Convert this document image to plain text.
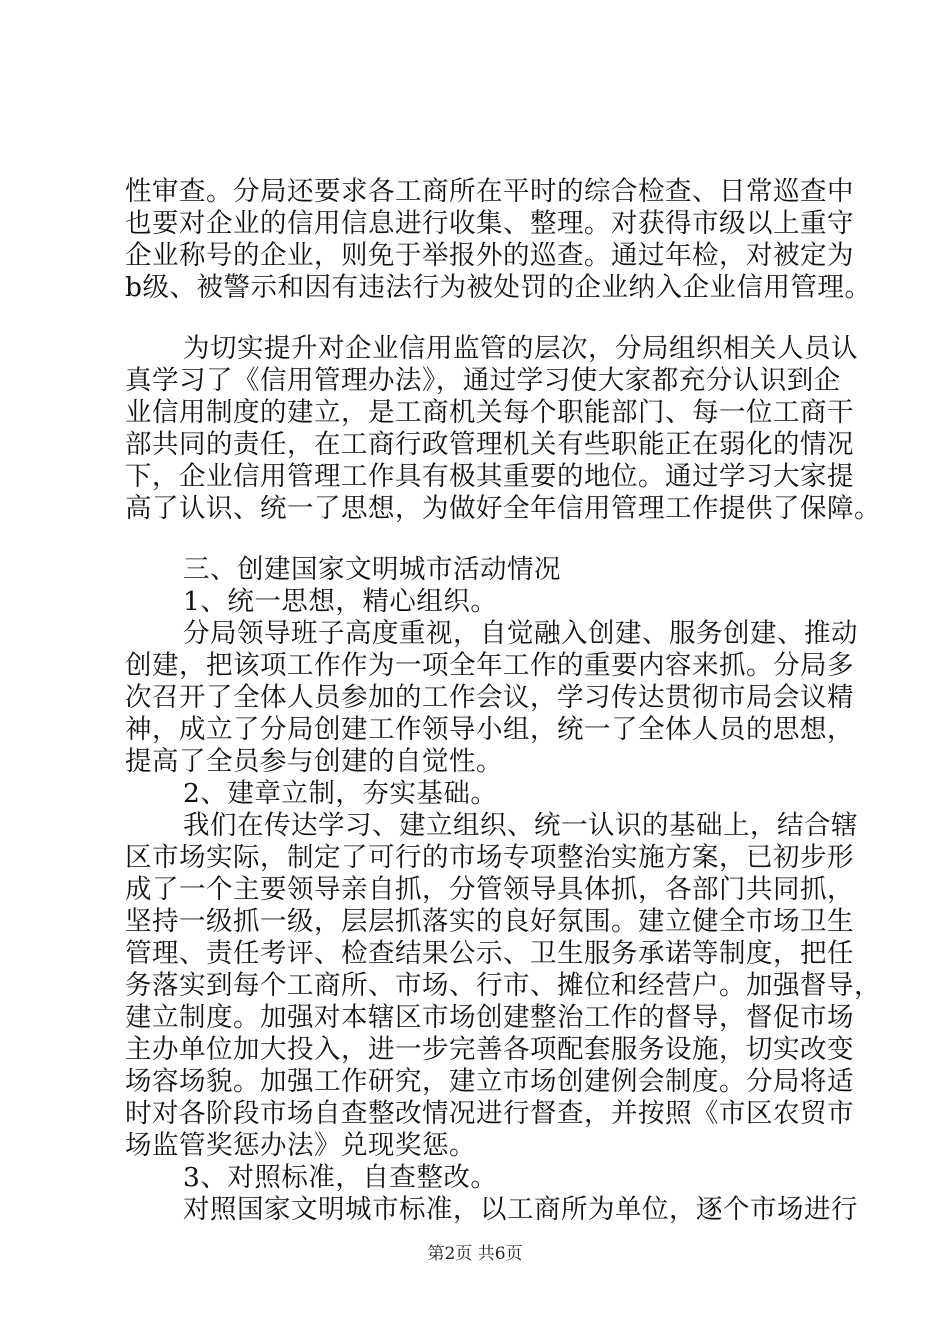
性审查。分局还要求各工商所在平时的综合检查、日常巡查中
也要对企业的信用信息进行收集、整理。对获得市级以上重守
企业称号的企业，则免于举报外的巡查。通过年检，对被定为
b级、被警示和因有违法行为被处罚的企业纳入企业信用管理。
为切实提升对企业信用监管的层次，分局组织相关人员认
真学习了《信用管理办法》，通过学习使大家都充分认识到企
业信用制度的建立，是工商机关每个职能部门、每一位工商干
部共同的责任，在工商行政管理机关有些职能正在弱化的情况
下，企业信用管理工作具有极其重要的地位。通过学习大家提
高了认识、统一了思想，为做好全年信用管理工作提供了保障。
三、创建国家文明城市活动情况
1、统一思想，精心组织。
分局领导班子高度重视，自觉融入创建、服务创建、推动
创建，把该项工作作为一项全年工作的重要内容来抓。分局多
次召开了全体人员参加的工作会议，学习传达贯彻市局会议精
神，成立了分局创建工作领导小组，统一了全体人员的思想，
提高了全员参与创建的自觉性。
2、建章立制，夯实基础。
我们在传达学习、建立组织、统一认识的基础上，结合辖
区市场实际，制定了可行的市场专项整治实施方案，已初步形
成了一个主要领导亲自抓，分管领导具体抓，各部门共同抓，
坚持一级抓一级，层层抓落实的良好氛围。建立健全市场卫生
管理、责任考评、检查结果公示、卫生服务承诺等制度，把任
务落实到每个工商所、市场、行市、摊位和经营户。加强督导，
建立制度。加强对本辖区市场创建整治工作的督导，督促市场
主办单位加大投入，进一步完善各项配套服务设施，切实改变
场容场貌。加强工作研究，建立市场创建例会制度。分局将适
时对各阶段市场自查整改情况进行督查，并按照《市区农贸市
场监管奖惩办法》兑现奖惩。
3、对照标准，自查整改。
对照国家文明城市标准，以工商所为单位，逐个市场进行
第2页 共6页
